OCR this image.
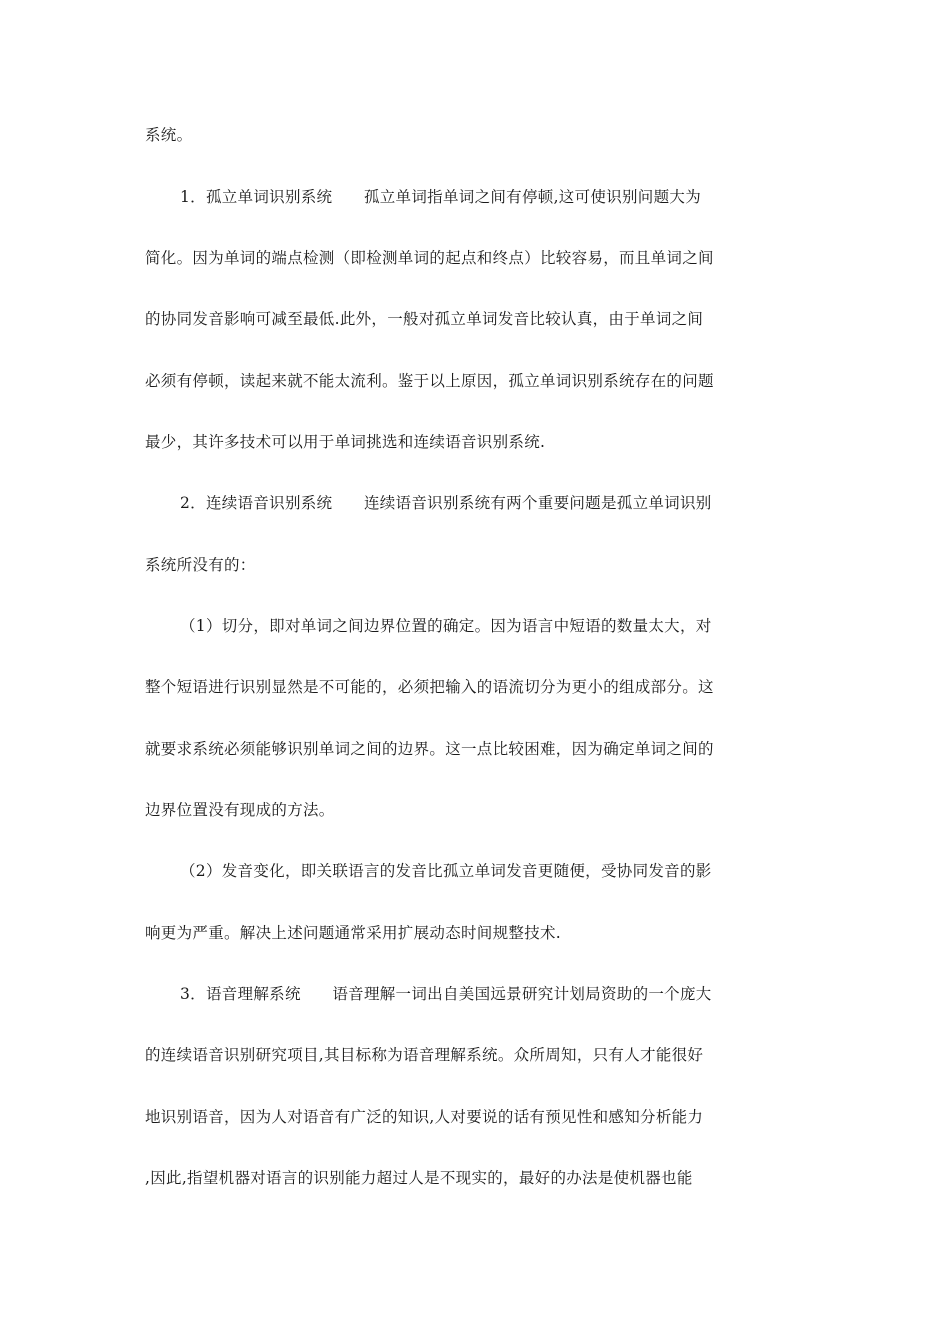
系统。
1．孤立单词识别系统　　孤立单词指单词之间有停顿,这可使识别问题大为
简化。因为单词的端点检测（即检测单词的起点和终点）比较容易，而且单词之间
的协同发音影响可减至最低.此外，一般对孤立单词发音比较认真，由于单词之间
必须有停顿，读起来就不能太流利。鉴于以上原因，孤立单词识别系统存在的问题
最少，其许多技术可以用于单词挑选和连续语音识别系统.
2．连续语音识别系统　　连续语音识别系统有两个重要问题是孤立单词识别
系统所没有的：
（1）切分，即对单词之间边界位置的确定。因为语言中短语的数量太大，对
整个短语进行识别显然是不可能的，必须把输入的语流切分为更小的组成部分。这
就要求系统必须能够识别单词之间的边界。这一点比较困难，因为确定单词之间的
边界位置没有现成的方法。
（2）发音变化，即关联语言的发音比孤立单词发音更随便，受协同发音的影
响更为严重。解决上述问题通常采用扩展动态时间规整技术.
3．语音理解系统　　语音理解一词出自美国远景研究计划局资助的一个庞大
的连续语音识别研究项目,其目标称为语音理解系统。众所周知，只有人才能很好
地识别语音，因为人对语音有广泛的知识,人对要说的话有预见性和感知分析能力
,因此,指望机器对语言的识别能力超过人是不现实的，最好的办法是使机器也能
